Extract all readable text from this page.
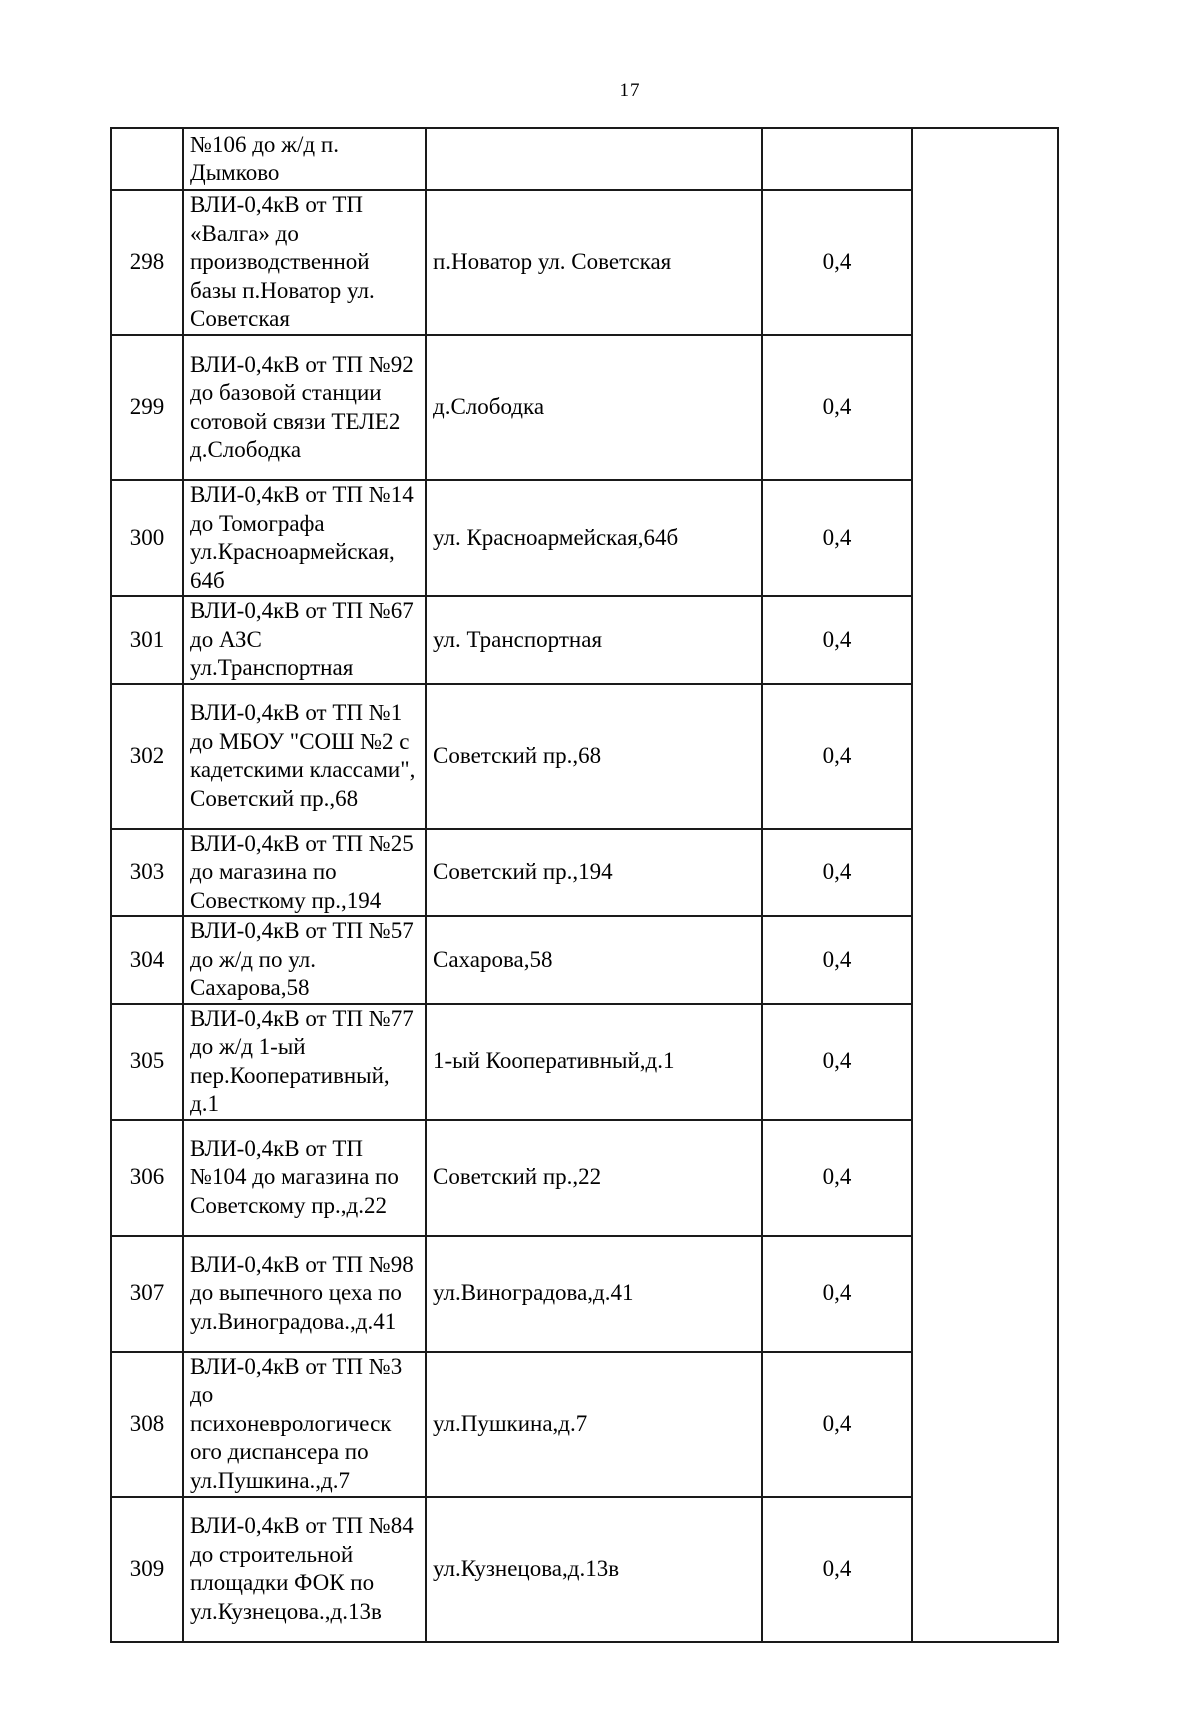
17
	№106 до ж/д п. Дымково			
298	ВЛИ-0,4кВ от ТП «Валга» до производственной базы п.Новатор ул. Советская	п.Новатор ул. Советская	0,4	
299	ВЛИ-0,4кВ от ТП №92 до базовой станции сотовой связи ТЕЛЕ2 д.Слободка	д.Слободка	0,4	
300	ВЛИ-0,4кВ от ТП №14 до Томографа ул.Красноармейская, 64б	ул. Красноармейская,64б	0,4	
301	ВЛИ-0,4кВ от ТП №67 до АЗС ул.Транспортная	ул. Транспортная	0,4	
302	ВЛИ-0,4кВ от ТП №1 до МБОУ "СОШ №2 с кадетскими классами", Советский пр.,68	Советский пр.,68	0,4	
303	ВЛИ-0,4кВ от ТП №25 до магазина по Совесткому пр.,194	Советский пр.,194	0,4	
304	ВЛИ-0,4кВ от ТП №57 до ж/д по ул. Сахарова,58	Сахарова,58	0,4	
305	ВЛИ-0,4кВ от ТП №77 до ж/д 1-ый пер.Кооперативный, д.1	1-ый Кооперативный,д.1	0,4	
306	ВЛИ-0,4кВ от ТП №104 до магазина по Советскому пр.,д.22	Советский пр.,22	0,4	
307	ВЛИ-0,4кВ от ТП №98 до выпечного цеха по ул.Виноградова.,д.41	ул.Виноградова,д.41	0,4	
308	ВЛИ-0,4кВ от ТП №3 до психоневрологическ ого диспансера по ул.Пушкина.,д.7	ул.Пушкина,д.7	0,4	
309	ВЛИ-0,4кВ от ТП №84 до строительной площадки ФОК по ул.Кузнецова.,д.13в	ул.Кузнецова,д.13в	0,4	
